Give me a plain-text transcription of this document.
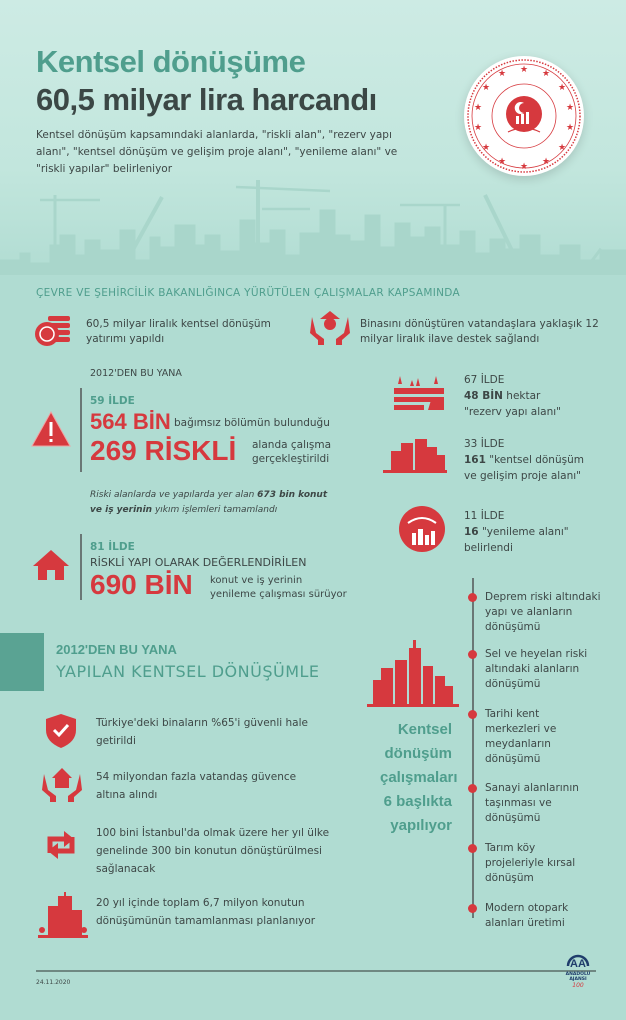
Kentsel dönüşüme
60,5 milyar lira harcandı
Kentsel dönüşüm kapsamındaki alanlarda, "riskli alan", "rezerv yapı alanı", "kentsel dönüşüm ve gelişim proje alanı", "yenileme alanı" ve "riskli yapılar" belirleniyor
★
★	★
★	★
★	★
★	★
★	★
★	★
★
ÇEVRE VE ŞEHİRCİLİK BAKANLIĞINCA YÜRÜTÜLEN ÇALIŞMALAR KAPSAMINDA
60,5 milyar liralık kentsel dönüşüm yatırımı yapıldı
Binasını dönüştüren vatandaşlara yaklaşık 12 milyar liralık ilave destek sağlandı
2012'DEN BU YANA
59 İLDE
564 BİN bağımsız bölümün bulunduğu
269 RİSKLİ alanda çalışma
gerçekleştirildi
Riski alanlarda ve yapılarda yer alan 673 bin konut ve iş yerinin yıkım işlemleri tamamlandı
67 İLDE
48 BİN hektar
"rezerv yapı alanı"
33 İLDE
161 "kentsel dönüşüm
ve gelişim proje alanı"
11 İLDE
16 "yenileme alanı"
belirlendi
81 İLDE
RİSKLİ YAPI OLARAK DEĞERLENDİRİLEN
690 BİN konut ve iş yerinin
yenileme çalışması sürüyor
2012'DEN BU YANA
YAPILAN KENTSEL DÖNÜŞÜMLE
Türkiye'deki binaların %65'i güvenli hale getirildi
54 milyondan fazla vatandaş güvence altına alındı
100 bini İstanbul'da olmak üzere her yıl ülke genelinde 300 bin konutun dönüştürülmesi sağlanacak
20 yıl içinde toplam 6,7 milyon konutun dönüşümünün tamamlanması planlanıyor
Kentsel dönüşüm çalışmaları 6 başlıkta yapılıyor
Deprem riski altındaki yapı ve alanların dönüşümü
Sel ve heyelan riski altındaki alanların dönüşümü
Tarihi kent merkezleri ve meydanların dönüşümü
Sanayi alanlarının taşınması ve dönüşümü
Tarım köy projeleriyle kırsal dönüşüm
Modern otopark alanları üretimi
24.11.2020
AA
ANADOLU AJANSI
100
